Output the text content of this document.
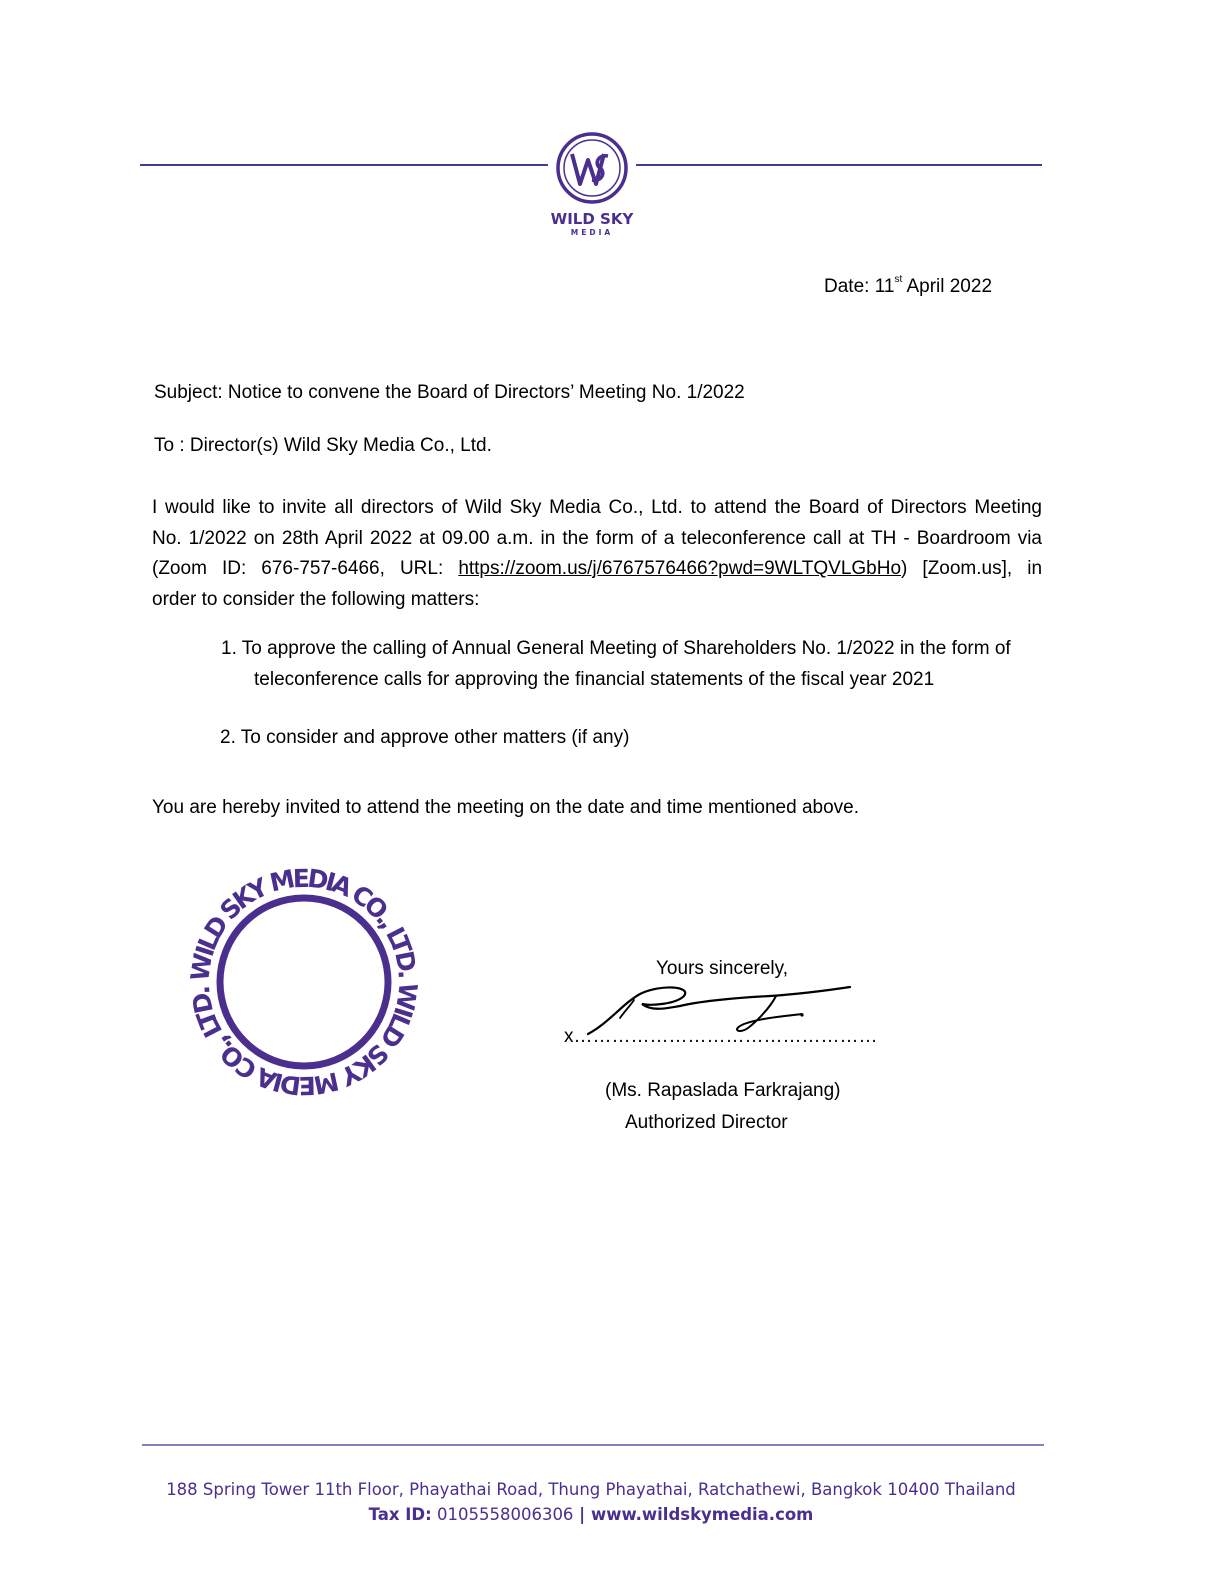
WILD SKY
MEDIA
Date: 11st April 2022
Subject: Notice to convene the Board of Directors’ Meeting No. 1/2022
To : Director(s) Wild Sky Media Co., Ltd.
I would like to invite all directors of Wild Sky Media Co., Ltd. to attend the Board of Directors Meeting
No. 1/2022 on 28th April 2022 at 09.00 a.m. in the form of a teleconference call at TH - Boardroom via
(Zoom ID: 676-757-6466, URL: https://zoom.us/j/6767576466?pwd=9WLTQVLGbHo) [Zoom.us], in
order to consider the following matters:
1. To approve the calling of Annual General Meeting of Shareholders No. 1/2022 in the form of
teleconference calls for approving the financial statements of the fiscal year 2021
2. To consider and approve other matters (if any)
You are hereby invited to attend the meeting on the date and time mentioned above.
WILD SKY MEDIA CO., LTD. WILD SKY MEDIA CO., LTD.
Yours sincerely,
x…………………………………………
(Ms. Rapaslada Farkrajang)
Authorized Director
188 Spring Tower 11th Floor, Phayathai Road, Thung Phayathai, Ratchathewi, Bangkok 10400 Thailand
Tax ID: 0105558006306 | www.wildskymedia.com
